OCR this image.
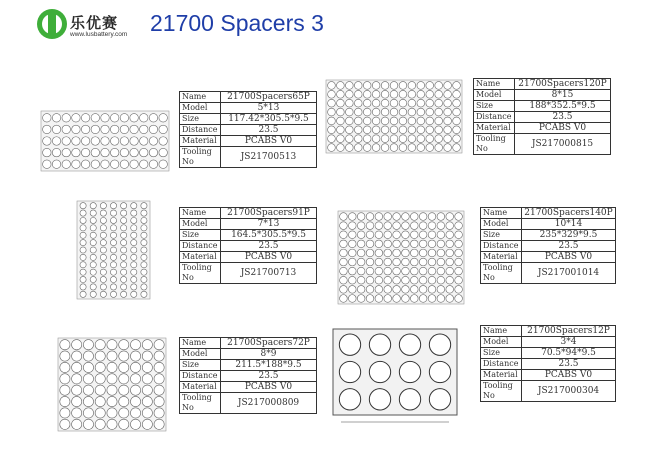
乐优赛
www.lusbattery.com 21700 Spacers 3
Name	21700Spacers65P
Model	5*13
Size	117.42*305.5*9.5
Distance	23.5
Material	PCABS V0
Tooling No	JS21700513
Name	21700Spacers120P
Model	8*15
Size	188*352.5*9.5
Distance	23.5
Material	PCABS V0
Tooling No	JS217000815
Name	21700Spacers91P
Model	7*13
Size	164.5*305.5*9.5
Distance	23.5
Material	PCABS V0
Tooling No	JS21700713
Name	21700Spacers140P
Model	10*14
Size	235*329*9.5
Distance	23.5
Material	PCABS V0
Tooling No	JS217001014
Name	21700Spacers72P
Model	8*9
Size	211.5*188*9.5
Distance	23.5
Material	PCABS V0
Tooling No	JS217000809
Name	21700Spacers12P
Model	3*4
Size	70.5*94*9.5
Distance	23.5
Material	PCABS V0
Tooling No	JS217000304
